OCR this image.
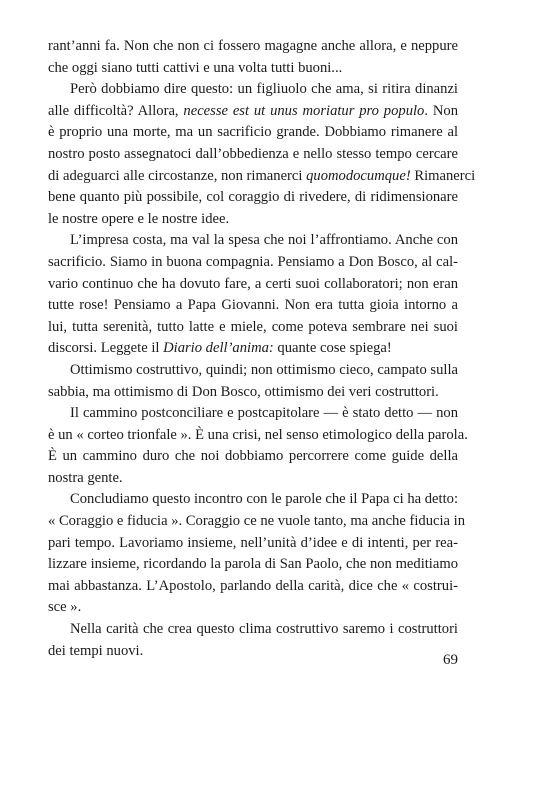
rant’anni fa. Non che non ci fossero magagne anche allora, e neppure
che oggi siano tutti cattivi e una volta tutti buoni...
Però dobbiamo dire questo: un figliuolo che ama, si ritira dinanzi
alle difficoltà? Allora, necesse est ut unus moriatur pro populo. Non
è proprio una morte, ma un sacrificio grande. Dobbiamo rimanere al
nostro posto assegnatoci dall’obbedienza e nello stesso tempo cercare
di adeguarci alle circostanze, non rimanerci quomodocumque! Rimanerci
bene quanto più possibile, col coraggio di rivedere, di ridimensionare
le nostre opere e le nostre idee.
L’impresa costa, ma val la spesa che noi l’affrontiamo. Anche con
sacrificio. Siamo in buona compagnia. Pensiamo a Don Bosco, al cal-
vario continuo che ha dovuto fare, a certi suoi collaboratori; non eran
tutte rose! Pensiamo a Papa Giovanni. Non era tutta gioia intorno a
lui, tutta serenità, tutto latte e miele, come poteva sembrare nei suoi
discorsi. Leggete il Diario dell’anima: quante cose spiega!
Ottimismo costruttivo, quindi; non ottimismo cieco, campato sulla
sabbia, ma ottimismo di Don Bosco, ottimismo dei veri costruttori.
Il cammino postconciliare e postcapitolare — è stato detto — non
è un « corteo trionfale ». È una crisi, nel senso etimologico della parola.
È un cammino duro che noi dobbiamo percorrere come guide della
nostra gente.
Concludiamo questo incontro con le parole che il Papa ci ha detto:
« Coraggio e fiducia ». Coraggio ce ne vuole tanto, ma anche fiducia in
pari tempo. Lavoriamo insieme, nell’unità d’idee e di intenti, per rea-
lizzare insieme, ricordando la parola di San Paolo, che non meditiamo
mai abbastanza. L’Apostolo, parlando della carità, dice che « costrui-
sce ».
Nella carità che crea questo clima costruttivo saremo i costruttori
dei tempi nuovi.
69
